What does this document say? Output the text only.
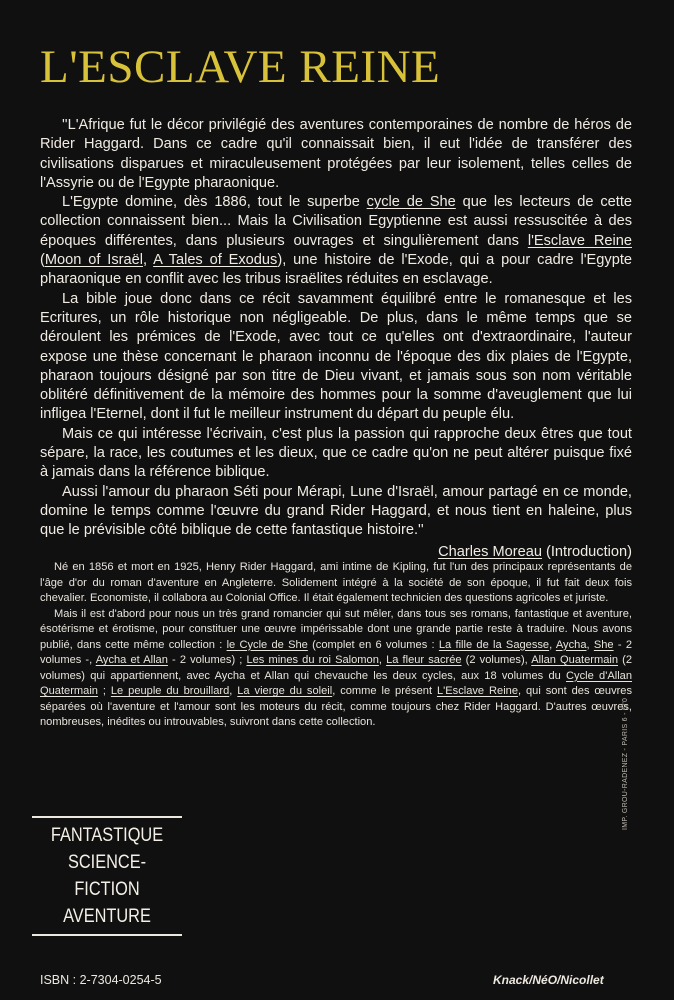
L'ESCLAVE REINE

''L'Afrique fut le décor privilégié des aventures contemporaines de nombre de héros de Rider Haggard. Dans ce cadre qu'il connaissait bien, il eut l'idée de transférer des civilisations disparues et miraculeusement protégées par leur isolement, telles celles de l'Assyrie ou de l'Egypte pharaonique.

L'Egypte domine, dès 1886, tout le superbe cycle de She que les lecteurs de cette collection connaissent bien... Mais la Civilisation Egyptienne est aussi ressuscitée à des époques différentes, dans plusieurs ouvrages et singulièrement dans l'Esclave Reine (Moon of Israël, A Tales of Exodus), une histoire de l'Exode, qui a pour cadre l'Egypte pharaonique en conflit avec les tribus israëlites réduites en esclavage.

La bible joue donc dans ce récit savamment équilibré entre le romanesque et les Ecritures, un rôle historique non négligeable. De plus, dans le même temps que se déroulent les prémices de l'Exode, avec tout ce qu'elles ont d'extraordinaire, l'auteur expose une thèse concernant le pharaon inconnu de l'époque des dix plaies de l'Egypte, pharaon toujours désigné par son titre de Dieu vivant, et jamais sous son nom véritable oblitéré définitivement de la mémoire des hommes pour la somme d'aveuglement que lui infligea l'Eternel, dont il fut le meilleur instrument du départ du peuple élu.

Mais ce qui intéresse l'écrivain, c'est plus la passion qui rapproche deux êtres que tout sépare, la race, les coutumes et les dieux, que ce cadre qu'on ne peut altérer puisque fixé à jamais dans la référence biblique.

Aussi l'amour du pharaon Séti pour Mérapi, Lune d'Israël, amour partagé en ce monde, domine le temps comme l'œuvre du grand Rider Haggard, et nous tient en haleine, plus que le prévisible côté biblique de cette fantastique histoire.''

Charles Moreau (Introduction)

Né en 1856 et mort en 1925, Henry Rider Haggard, ami intime de Kipling, fut l'un des principaux représentants de l'âge d'or du roman d'aventure en Angleterre. Solidement intégré à la société de son époque, il fut fait deux fois chevalier. Economiste, il collabora au Colonial Office. Il était également technicien des questions agricoles et juriste.

Mais il est d'abord pour nous un très grand romancier qui sut mêler, dans tous ses romans, fantastique et aventure, ésotérisme et érotisme, pour constituer une œuvre impérissable dont une grande partie reste à traduire. Nous avons publié, dans cette même collection : le Cycle de She (complet en 6 volumes : La fille de la Sagesse, Aycha, She - 2 volumes -, Aycha et Allan - 2 volumes) ; Les mines du roi Salomon, La fleur sacrée (2 volumes), Allan Quatermain (2 volumes) qui appartiennent, avec Aycha et Allan qui chevauche les deux cycles, aux 18 volumes du Cycle d'Allan Quatermain ; Le peuple du brouillard, La vierge du soleil, comme le présent L'Esclave Reine, qui sont des œuvres séparées où l'aventure et l'amour sont les moteurs du récit, comme toujours chez Rider Haggard. D'autres œuvres, nombreuses, inédites ou introuvables, suivront dans cette collection.

FANTASTIQUE
SCIENCE-FICTION
AVENTURE
IMP. GROU-RADENEZ - PARIS 6 - 6/'0
ISBN : 2-7304-0254-5	Knack/NéO/Nicollet
